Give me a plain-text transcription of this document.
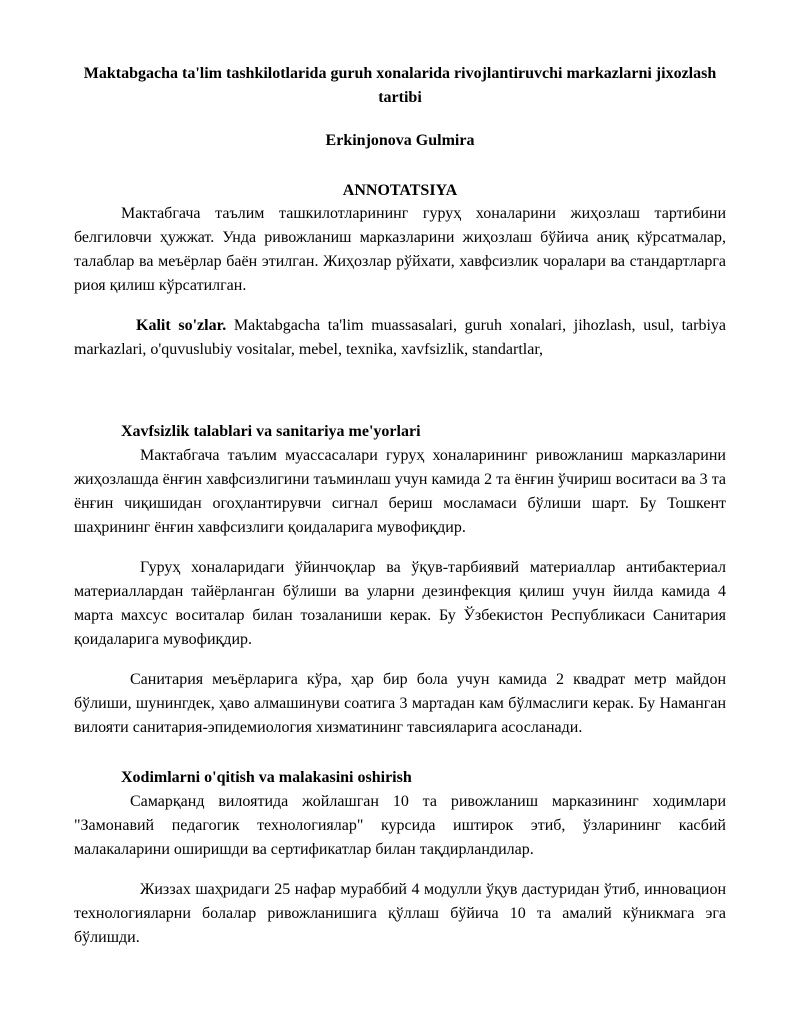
Maktabgacha ta'lim tashkilotlarida guruh xonalarida rivojlantiruvchi markazlarni jixozlash tartibi

Erkinjonova Gulmira
ANNOTATSIYA

Мактабгача таълим ташкилотларининг гуруҳ хоналарини жиҳозлаш тартибини белгиловчи ҳужжат. Унда ривожланиш марказларини жиҳозлаш бўйича аниқ кўрсатмалар, талаблар ва меъёрлар баён этилган. Жиҳозлар рўйхати, хавфсизлик чоралари ва стандартларга риоя қилиш кўрсатилган.

Kalit so'zlar. Maktabgacha ta'lim muassasalari, guruh xonalari, jihozlash, usul, tarbiya markazlari, o'quvuslubiy vositalar, mebel, texnika, xavfsizlik, standartlar,

Xavfsizlik talablari va sanitariya me'yorlari

Мактабгача таълим муассасалари гуруҳ хоналарининг ривожланиш марказларини жиҳозлашда ёнғин хавфсизлигини таъминлаш учун камида 2 та ёнғин ўчириш воситаси ва 3 та ёнғин чиқишидан огоҳлантирувчи сигнал бериш мосламаси бўлиши шарт. Бу Тошкент шаҳрининг ёнғин хавфсизлиги қоидаларига мувофиқдир.

Гуруҳ хоналаридаги ўйинчоқлар ва ўқув-тарбиявий материаллар антибактериал материаллардан тайёрланган бўлиши ва уларни дезинфекция қилиш учун йилда камида 4 марта махсус воситалар билан тозаланиши керак. Бу Ўзбекистон Республикаси Санитария қоидаларига мувофиқдир.

Санитария меъёрларига кўра, ҳар бир бола учун камида 2 квадрат метр майдон бўлиши, шунингдек, ҳаво алмашинуви соатига 3 мартадан кам бўлмаслиги керак. Бу Наманган вилояти санитария-эпидемиология хизматининг тавсияларига асосланади.

Xodimlarni o'qitish va malakasini oshirish

Самарқанд вилоятида жойлашган 10 та ривожланиш марказининг ходимлари "Замонавий педагогик технологиялар" курсида иштирок этиб, ўзларининг касбий малакаларини оширишди ва сертификатлар билан тақдирландилар.

Жиззах шаҳридаги 25 нафар мураббий 4 модулли ўқув дастуридан ўтиб, инновацион технологияларни болалар ривожланишига қўллаш бўйича 10 та амалий кўникмага эга бўлишди.
